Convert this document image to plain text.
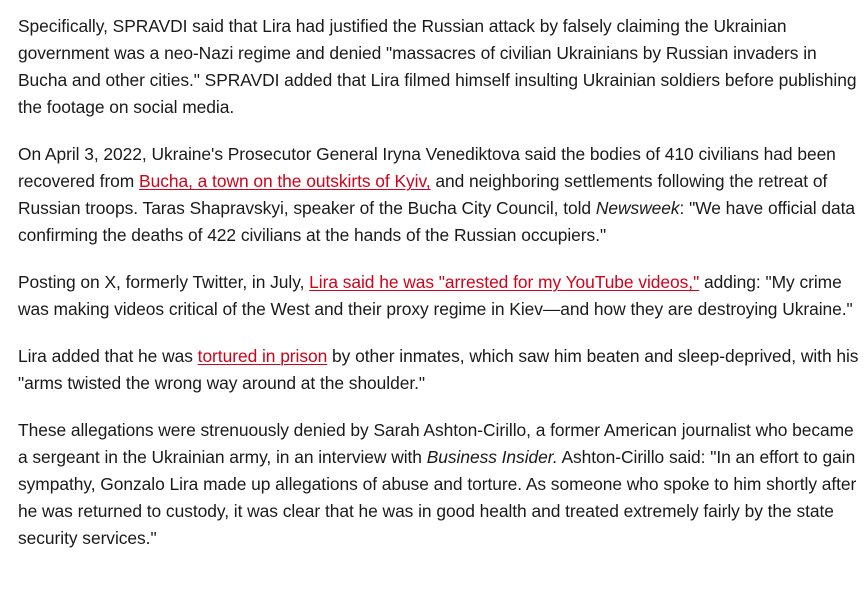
Specifically, SPRAVDI said that Lira had justified the Russian attack by falsely claiming the Ukrainian government was a neo-Nazi regime and denied "massacres of civilian Ukrainians by Russian invaders in Bucha and other cities." SPRAVDI added that Lira filmed himself insulting Ukrainian soldiers before publishing the footage on social media.

On April 3, 2022, Ukraine's Prosecutor General Iryna Venediktova said the bodies of 410 civilians had been recovered from Bucha, a town on the outskirts of Kyiv, and neighboring settlements following the retreat of Russian troops. Taras Shapravskyi, speaker of the Bucha City Council, told Newsweek: "We have official data confirming the deaths of 422 civilians at the hands of the Russian occupiers."

Posting on X, formerly Twitter, in July, Lira said he was "arrested for my YouTube videos," adding: "My crime was making videos critical of the West and their proxy regime in Kiev—and how they are destroying Ukraine."

Lira added that he was tortured in prison by other inmates, which saw him beaten and sleep-deprived, with his "arms twisted the wrong way around at the shoulder."

These allegations were strenuously denied by Sarah Ashton-Cirillo, a former American journalist who became a sergeant in the Ukrainian army, in an interview with Business Insider. Ashton-Cirillo said: "In an effort to gain sympathy, Gonzalo Lira made up allegations of abuse and torture. As someone who spoke to him shortly after he was returned to custody, it was clear that he was in good health and treated extremely fairly by the state security services."
